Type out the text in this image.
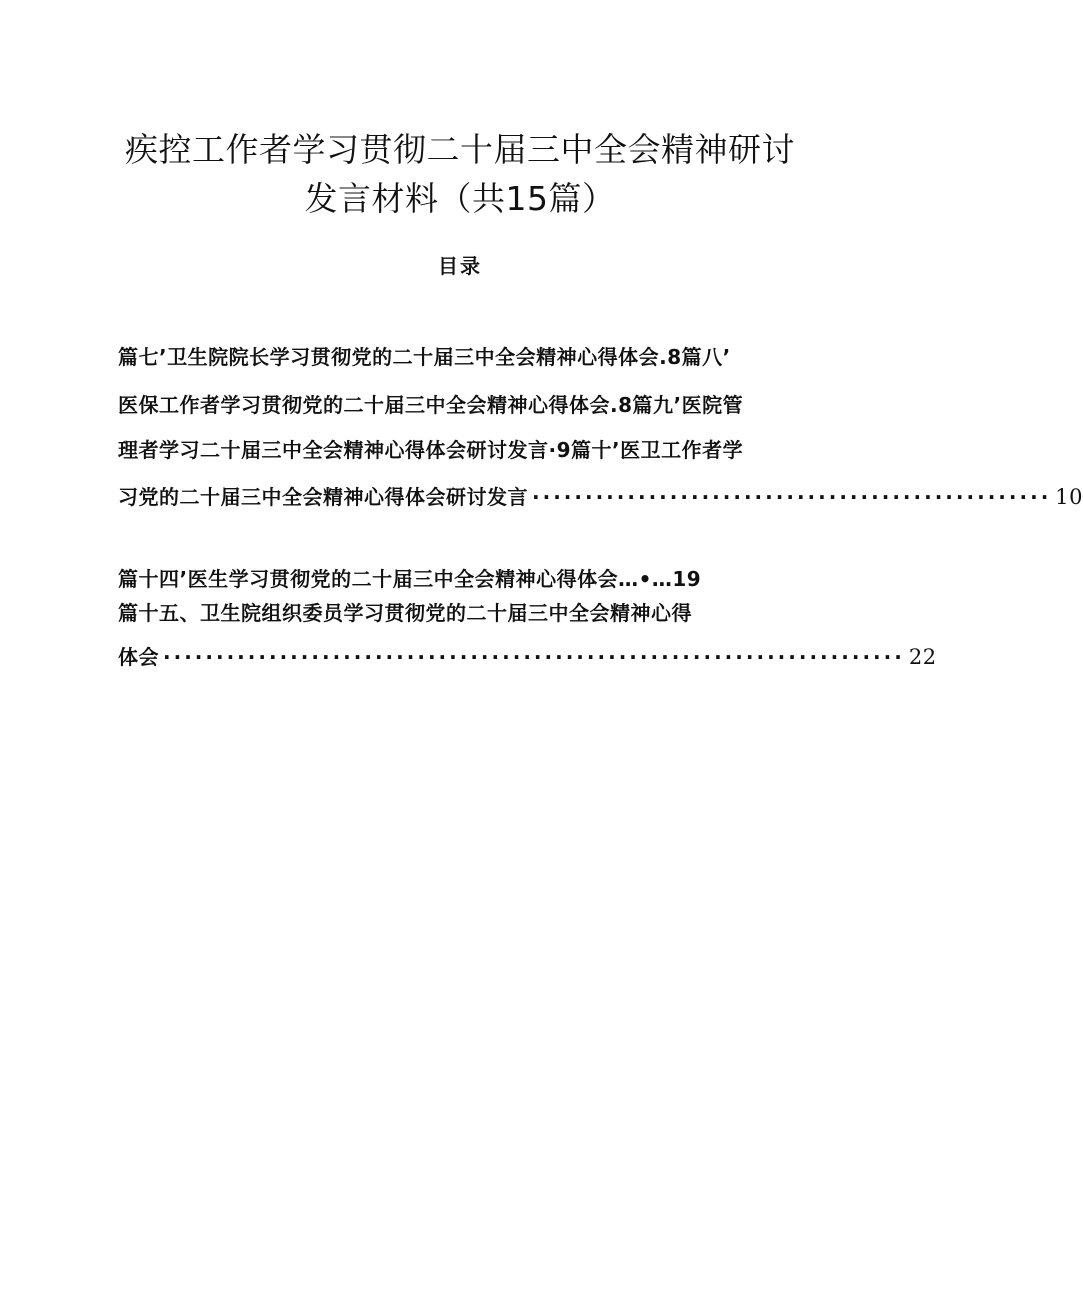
疾控工作者学习贯彻二十届三中全会精神研讨
发言材料（共15篇）
目录
篇七’卫生院院长学习贯彻党的二十届三中全会精神心得体会.8篇八’
医保工作者学习贯彻党的二十届三中全会精神心得体会.8篇九’医院管
理者学习二十届三中全会精神心得体会研讨发言·9篇十’医卫工作者学
习党的二十届三中全会精神心得体会研讨发言 ················································· 10
篇十四’医生学习贯彻党的二十届三中全会精神心得体会…•…19
篇十五、卫生院组织委员学习贯彻党的二十届三中全会精神心得
体会 ······································································ 22
